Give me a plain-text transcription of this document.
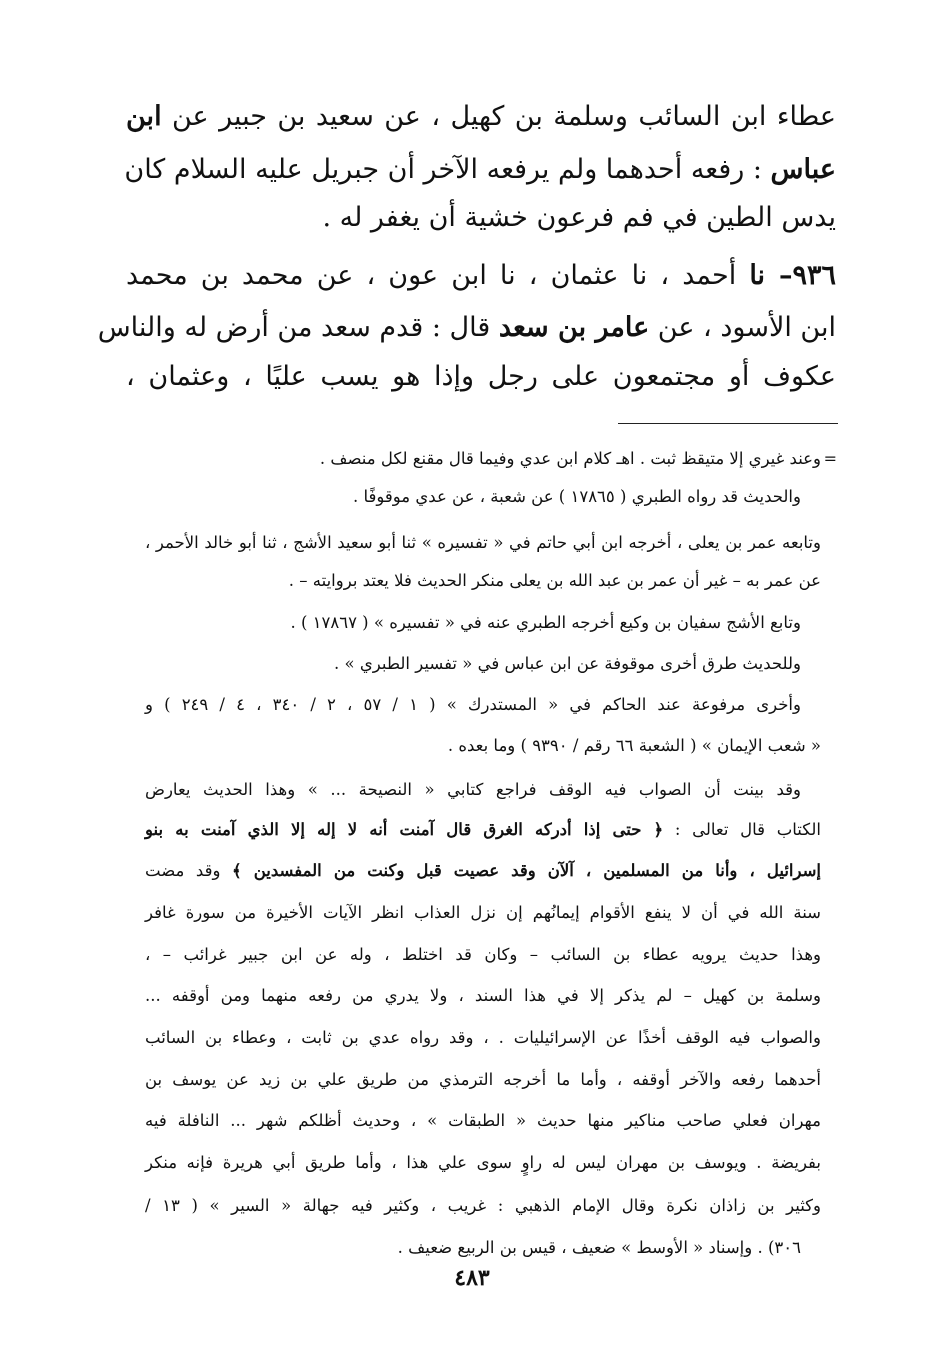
عطاء ابن السائب وسلمة بن كهيل ، عن سعيد بن جبير عن ابن
عباس : رفعه أحدهما ولم يرفعه الآخر أن جبريل عليه السلام كان
يدس الطين في فم فرعون خشية أن يغفر له .
٩٣٦– نا أحمد ، نا عثمان ، نا ابن عون ، عن محمد بن محمد
ابن الأسود ، عن عامر بن سعد قال : قدم سعد من أرض له والناس
عكوف أو مجتمعون على رجل وإذا هو يسب عليًا ، وعثمان ،
=
وعند غيري إلا متيقظ ثبت . اهـ كلام ابن عدي وفيما قال مقنع لكل منصف .
والحديث قد رواه الطبري ( ١٧٨٦٥ ) عن شعبة ، عن عدي موقوفًا .
وتابعه عمر بن يعلى ، أخرجه ابن أبي حاتم في « تفسيره » ثنا أبو سعيد الأشج ، ثنا أبو خالد الأحمر ،
عن عمر به – غير أن عمر بن عبد الله بن يعلى منكر الحديث فلا يعتد بروايته – .
وتابع الأشج سفيان بن وكيع أخرجه الطبري عنه في « تفسيره » ( ١٧٨٦٧ ) .
وللحديث طرق أخرى موقوفة عن ابن عباس في « تفسير الطبري » .
وأخرى مرفوعة عند الحاكم في « المستدرك » ( ١ / ٥٧ ، ٢ / ٣٤٠ ، ٤ / ٢٤٩ ) و
« شعب الإيمان » ( الشعبة ٦٦ رقم / ٩٣٩٠ ) وما بعده .
وقد بينت أن الصواب فيه الوقف فراجع كتابي « النصيحة ... » وهذا الحديث يعارض
الكتاب قال تعالى : ﴿ حتى إذا أدركه الغرق قال آمنت أنه لا إله إلا الذي آمنت به بنو
إسرائيل ، وأنا من المسلمين ، آلآن وقد عصيت قبل وكنت من المفسدين ﴾ وقد مضت
سنة الله في أن لا ينفع الأقوام إيمانُهم إن نزل العذاب انظر الآيات الأخيرة من سورة غافر
وهذا حديث يرويه عطاء بن السائب – وكان قد اختلط ، وله عن ابن جبير غرائب – ،
وسلمة بن كهيل – لم يذكر إلا في هذا السند ، ولا يدري من رفعه منهما ومن أوقفه ...
والصواب فيه الوقف أخذًا عن الإسرائيليات . ، وقد رواه عدي بن ثابت ، وعطاء بن السائب
أحدهما رفعه والآخر أوقفه ، وأما ما أخرجه الترمذي من طريق علي بن زيد عن يوسف بن
مهران فعلي صاحب مناكير منها حديث « الطبقات » ، وحديث أظلكم شهر ... النافلة فيه
بفريضة . ويوسف بن مهران ليس له راوٍ سوى علي هذا ، وأما طريق أبي هريرة فإنه منكر
وكثير بن زاذان نكرة وقال الإمام الذهبي : غريب ، وكثير فيه جهالة « السير » ( ١٣ /
٣٠٦) . وإسناد « الأوسط » ضعيف ، قيس بن الربيع ضعيف .
٤٨٣
